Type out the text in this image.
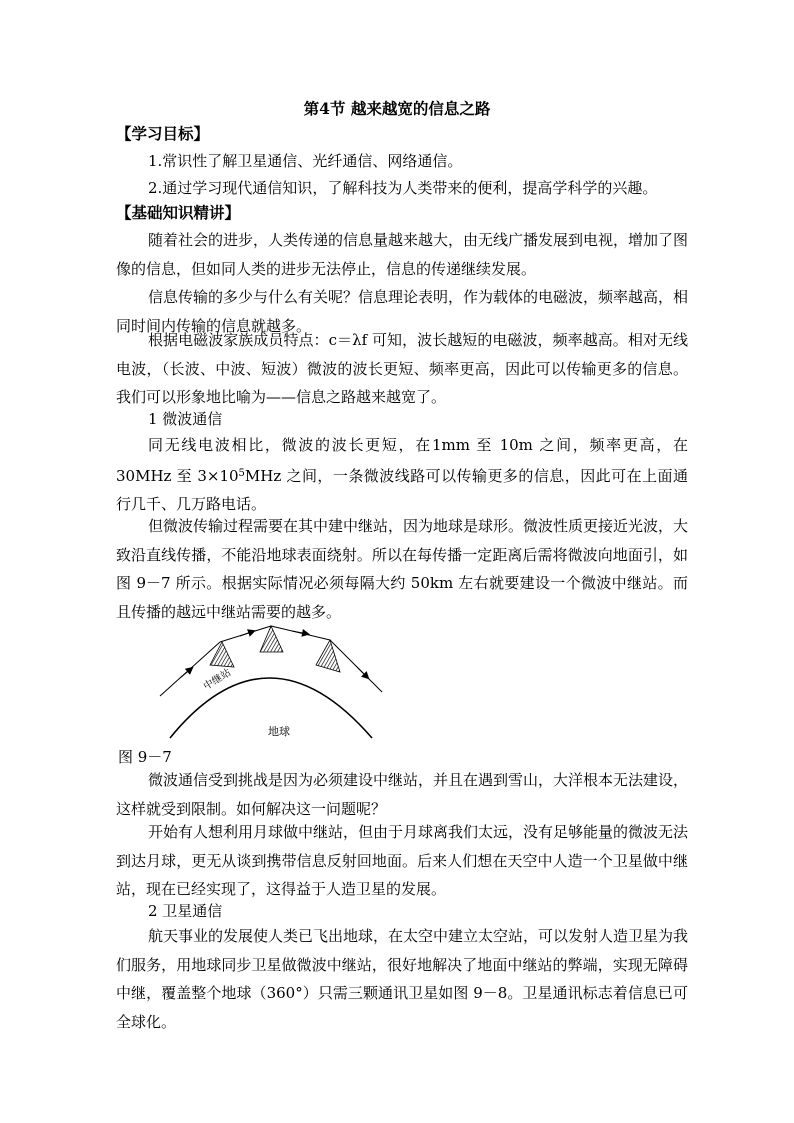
第4节 越来越宽的信息之路
【学习目标】
1.常识性了解卫星通信、光纤通信、网络通信。
2.通过学习现代通信知识，了解科技为人类带来的便利，提高学科学的兴趣。
【基础知识精讲】
随着社会的进步，人类传递的信息量越来越大，由无线广播发展到电视，增加了图像的信息，但如同人类的进步无法停止，信息的传递继续发展。
信息传输的多少与什么有关呢？信息理论表明，作为载体的电磁波，频率越高，相同时间内传输的信息就越多。
根据电磁波家族成员特点：c＝λf 可知，波长越短的电磁波，频率越高。相对无线电波，（长波、中波、短波）微波的波长更短、频率更高，因此可以传输更多的信息。我们可以形象地比喻为——信息之路越来越宽了。
1 微波通信
同无线电波相比，微波的波长更短，在1mm 至 10m 之间，频率更高，在30MHz 至 $3\times 10^5MHz$ 之间，一条微波线路可以传输更多的信息，因此可在上面通行几千、几万路电话。
但微波传输过程需要在其中建中继站，因为地球是球形。微波性质更接近光波，大致沿直线传播，不能沿地球表面绕射。所以在每传播一定距离后需将微波向地面引，如图 9－7 所示。根据实际情况必须每隔大约 50km 左右就要建设一个微波中继站。而且传播的越远中继站需要的越多。
中继站
地球
图 9－7
微波通信受到挑战是因为必须建设中继站，并且在遇到雪山，大洋根本无法建设，这样就受到限制。如何解决这一问题呢？
开始有人想利用月球做中继站，但由于月球离我们太远，没有足够能量的微波无法到达月球，更无从谈到携带信息反射回地面。后来人们想在天空中人造一个卫星做中继站，现在已经实现了，这得益于人造卫星的发展。
2 卫星通信
航天事业的发展使人类已飞出地球，在太空中建立太空站，可以发射人造卫星为我们服务，用地球同步卫星做微波中继站，很好地解决了地面中继站的弊端，实现无障碍中继，覆盖整个地球（360°）只需三颗通讯卫星如图 9－8。卫星通讯标志着信息已可全球化。
